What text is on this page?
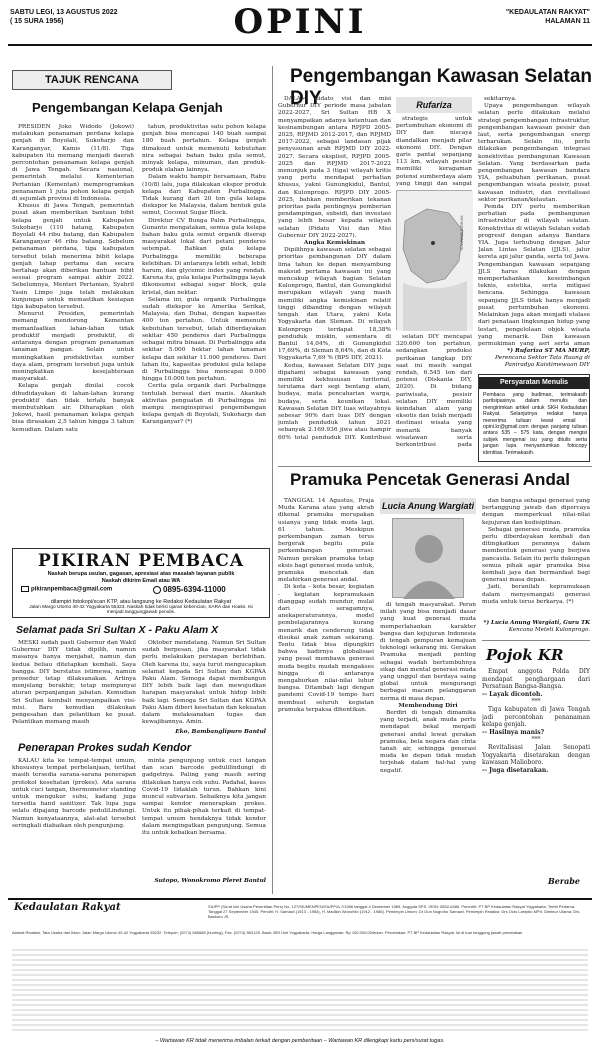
SABTU LEGI, 13 AGUSTUS 2022
( 15 SURA 1956)	OPINI	"KEDAULATAN RAKYAT"
HALAMAN 11
TAJUK RENCANA
Pengembangan Kelapa Genjah

PRESIDEN Joko Widodo (Jokowi) melakukan penanaman perdana kelapa genjah di Boyolali, Sukoharjo dan Karanganyar, Kamis (11/8). Tiga kabupaten itu memang menjadi daerah percontohan penanaman kelapa genjah di Jawa Tengah. Secara nasional, pemerintah melalui Kementerian Pertanian (Kementan) memprogramkan penanaman 1 juta pohon kelapa genjah di sejumlah provinsi di Indonesia.

Khusus di Jawa Tengah, pemerintah pusat akan memberikan bantuan bibit kelapa genjah untuk Kabupaten Sukoharjo (110 batang, Kabupaten Boyolali 44 ribu batang, dan Kabupaten Karanganyar 46 ribu batang. Sebelum penanaman perdana, tiga kabupaten tersebut telah menerima bibit kelapa genjah tahap pertama dan secara bertahap akan diberikan bantuan bibit sesuai program sampai akhir 2022. Sebelumnya, Menteri Pertanian, Syahril Yasin Limpo juga telah melakukan kunjungan untuk memastikan kesiapan tiga kabupaten tersebut.

Menurut Presiden, pemerintah memang mendorong Kementan memanfaatkan lahan-lahan tidak produktif menjadi produktif, di antaranya dengan program penanaman tanaman pangan. Selain untuk meningkatkan produktivitas sumber daya alam, program tersebut juga untuk meningkatkan kesejahteraan masyarakat.

Kelapa genjah dinilai cocok dibudidayakan di lahan-lahan kurang produktif dan tidak terlalu banyak membutuhkan air. Diharapkan oleh Jokowi, hasil penanaman kelapa genjah bisa dirasakan 2,5 tahun hingga 3 tahun kemudian. Dalam satu

tahun, produktivitas satu pohon kelapa genjah bisa mencapai 140 buah sampai 180 buah pertahun. Kelapa genjah dimaksud untuk memenuhi kebutuhan nira sebagai bahan baku gula semut, minyak kelapa, minuman, dan produk-produk olahan lainnya.

Dalam waktu hampir bersamaan, Rabu (10/8) lalu, juga dilakukan ekspor produk kelapa dari Kabupaten Purbalingga. Tidak kurang dari 20 ton gula kelapa diekspor ke Malaysia, dalam bentuk gula semut, Coconut Sugar Block.

Direktur CV Bunga Palm Purbalingga, Gunanto mengatakan, semua gula kelapa bahan baku gula semut organik diserap masyarakat lokal dari petani penderes setempat. Bahkan gula kelapa Purbalingga memiliki beberapa kelebihan. Di antaranya lebih sehat, lebih harum, dan glycemic index yang rendah. Karena itu, gula kelapa Purbalingga layak dikonsumsi sebagai sugar block, gula kristal, dan nektar.

Selama ini, gula organik Purbalingga sudah diekspor ke Amerika Serikat, Malaysia, dan Dubai, dengan kapasitas 400 ton pertahun. Untuk memenuhi kebutuhan tersebut, telah diberdayakan sekitar 450 penderes dari Purbalingga sebagai mitra binaan. Di Purbalingga ada sekitar 5.000 hektar lahan tanaman kelapa dan sekitar 11.000 penderes. Dari lahan itu, kapasitas produksi gula kelapa di Purbalingga bisa mencapai 9.000 hingga 10.000 ton pertahun.

Cerita gula organik dari Purbalingga tentulah berasal dari manis. Akankah aktivitas penguatan di Purbalingga ini mampu menginspirasi pengembangan kelapa genjah di Boyolali, Sukoharjo dan Karanganyar? (*)

PIKIRAN PEMBACA
Naskah berupa usulan, gagasan, apresiasi atas masalah layanan publik
Naskah dikirim Email atau WA
pikiranpembaca@gmail.com	0895-6394-11000
dilampiri fotokopi/scan KTP, atau langsung ke Redaksi Kedaulatan Rakyat
Jalan Margo Utomo 40-42 Yogyakarta 55323. Naskah tidak berisi ujaran kebencian, SARA dan Hoaks. Isi menjadi tanggungjawab penulis.
Selamat pada Sri Sultan X - Paku Alam X

MESKI sudah pasti Gubernur dan Wakil Gubernur DIY tidak dipilih, namun masanya hanya menjabat, namun dan kedua beliau ditetapkan kembali. Saya bangga. DIY berstatus istimewa, namun prosedur tetap dilaksanakan. Artinya menjelang berakhir, tetap mempunyai aturan perpanjangan jabatan. Kemudian Sri Sultan kembali menyampaikan visi-misi. Baru kemudian dilakukan pengesahan dan pelantikan ke pusat. Pelantikan memang masih

Oktober mendatang. Namun Sri Sultan sudah berpesan, jika masyarakat tidak perlu melakukan persiapan berlebihan. Oleh karena itu, saya turut mengucapkan selamat kepada Sri Sultan dan KGPAA Paku Alam. Semoga dapat membangun DIY lebih baik lagi dan mewujudkan harapan masyarakat untuk hidup lebih baik lagi. Semoga Sri Sultan dan KGPAA Paku Alam diberi kesehatan dan kekuatan dalam melaksanakan tugas dan kewajibannya. Amin.

Eko, Bambanglipuro Bantul
Penerapan Prokes sudah Kendor

KALAU kita ke tempat-tempat umum, khususnya tempat perbelanjaan, terlihat masih tersedia sarana-sarana penerapan protokol kesehatan (prokes). Ada sarana untuk cuci tangan, thermometer standing untuk mengukur suhu, kadang juga tersedia hand sanitizer. Tak lupa juga selalu dipajang barcode peduliLindungi. Namun kenyataannya, alat-alat tersebut seringkali diabaikan oleh pengunjung.

minta pengunjung untuk cuci tangan dan scan barcode pedulilindungi di gadgetnya. Paling yang masih sering dilakukan hanya cek suhu. Padahal, kasus Covid-19 tidaklah turun. Bahkan kini muncul subvarian. Sebaiknya kita jangan sampai kendor menerapkan prokes. Untuk itu pihak-pihak terkait di tempat-tempat umum hendaknya tidak kendor dalam mengingatkan pengunjung. Semua itu untuk kebaikan bersama.

Sutopo, Wonokromo Pleret Bantul
Pengembangan Kawasan Selatan DIY

DALAM pidato visi dan misi Gubernur DIY periode masa jabatan 2022-2027, Sri Sultan HB X menyampaikan adanya ketentuan dan kesinambungan antara RPJPD 2005-2025, RPJMD 2012-2017, dan RPJMD 2017-2022, sebagai landasan pijak penyusunan arah RPJMD DIY 2022-2027. Secara eksplisit, RPJPD 2005-2025 dan RPJMD 2017-2022 menunjuk pada 3 (tiga) wilayah kritis yang perlu mendapat perhatian khusus, yakni Gunungkidul, Bantul, dan Kulonprogo. RPJPD DIY 2005-2025, bahkan memberikan tekanan prioritas pada pentingnya pemberian pendampingan, subsidi, dan investasi yang lebih besar kepada wilayah selatan (Pidato Visi dan Misi Gubernur DIY 2022-2027).

Angka Kemiskinan

Dipilihnya kawasan selatan sebagai prioritas pembangunan DIY dalam lima tahun ke depan menyambung maksud pertama kawasan ini yang mencakup wilayah bagian Selatan Kulonprogo, Bantul, dan Gunungkidul merupakan wilayah yang masih memiliki angka kemiskinan relatif tinggi dibanding dengan wilayah tengah dan Utara, yakni Kota Yogyakarta dan Sleman. Di wilayah Kulonprogo terdapat 18,38% penduduk miskin, sementara di Bantul 14,04%, di Gunungkidul 17,69%, di Sleman 8,64%, dan di Kota Yogyakarta 7,69 % (BPS DIY, 2021).

Kedua, kawasan Selatan DIY juga dipahami sebagai kawasan yang memiliki kekhususan teritorial, terutama dari segi bentang alam, budaya, mata pencaharian warga, budaya, serta keunikan lokal. Kawasan Selatan DIY luas wilayahnya sebesar 90% dari luas DIY dengan jumlah penduduk tahun 2021 sebanyak 2.169.936 jiwa atau hampir 60% total penduduk DIY. Kontribusi

Rufariza

strategis untuk pertumbuhan ekonomi di DIY dan niscaya diandalkan menjadi pilar ekonomi DIY. Dengan garis pantai sepanjang 113 km, wilayah pesisir memiliki keragaman potensi sumberdaya alam yang tinggi dan sangat

KR-BUDI MAWANGI

selatan DIY mencapai 320.600 ton pertahun, sedangkan produksi perikanan tangkap DIY saat ini masih sangat rendah, 6.545 ton dari potensi (Diskanla DIY, 2020). Di bidang pariwisata, pesisir selatan DIY memiliki keindahan alam yang eksotis dan telah menjadi destinasi wisata yang menarik banyak wisatawan serta berkontribusi pada

sekitarnya.

Upaya pengembangan wilayah selatan perlu dilakukan melalui strategi pengembangan infrastruktur, pengembangan kawasan pesisir dan laut, serta pengembangan energi terbarukan. Selain itu, perlu dilakukan pengembangan integrasi konektivitas pembangunan Kawasan Selatan. Yang berdasarkan pada pengembangan kawasan bandara YIA, peluabuhan perikanan, pusat pengembangan wisata pesisir, pusat kawasan industri, dan revitalisasi sektor perikanan/kelautan.

Pemda DIY perlu memberikan perhatian pada pembangunan infrastruktur di wilayah selatan. Konektivitas di wilayah Selatan sudah progresif dengan adanya Bandara YIA. Juga terhubung dengan Jalur Jalan Lintas Selatan (JJLS), jalur kereta api jalur ganda, serta tol Jawa. Pengembangan kawasan sepanjang JJLS harus dilakukan dengan mempertahankan keseimbangan teknis, estetika, serta mitigasi bencana. Sehingga kawasan sepanjang JJLS tidak hanya menjadi pusat pertumbuhan ekonomi. Melainkan juga akan menjadi etalase dari penataan lingkungan hidup yang lestari, pengelolaan objek wisata yang menarik. Dan kawasan permukiman yang asri serta aman

*) Rufariza ST MA MURP,
Perencana Sektor Tata Ruang di Paniradya Kaistimewaan DIY
Persyaratan Menulis
Pembaca yang budiman, terimakasih partisipasinya dalam menulis dan mengirimkan artikel untuk SKH Kedaulatan Rakyat. Selanjutnya redaksi hanya menerima tulisan lewat email : opini.kr@gmail.com dengan panjang tulisan antara 535 – 575 kata, dengan mengisi subjek mengenai isu yang ditulis serta jangan lupa menyantumkan fotocopy identitas. Terimakasih.
Pramuka Pencetak Generasi Andal

TANGGAL 14 Agustus, Praja Muda Karana atau yang akrab dikenal pramuka merupakan usianya yang tidak muda lagi, 61 tahun. Meskipun perkembangan zaman terus bergerak begitu pula perkembangan generasi. Namun gerakan pramuka tetap eksis bagi generasi muda untuk, pramuka mencetak dan melahirkan generasi andal.

Di kota - kota besar, kegiatan - kegiatan kepramukaan dianggap sudah mundur, mulai dari seragamnya, anekaperaturannya, model pembelajarannya kurang menarik dan cenderung tidak disukai anak zaman sekarang. Tentu tidak bisa dipungkiri bahwa hadirnya globalisasi yang pesat membawa generasi muda begitu mudah mengakses hingga di antaranya mengaburkan nilai-nilai luhur bangsa. Ditambah lagi dengan pandemi Covid-19 tempo hari membuat seluruh kegiatan pramuka terpaksa dihentikan.

Lucia Anung Wargiati

di tengah masyarakat. Peran inilah yang bisa menjadi dasar yang kuat generasi muda memperlahankan karakter bangsa dan kejujuran Indonesia di tengah gempuran kemajuan teknologi sekarang ini. Gerakan Pramuka menjadi penting sebagai wadah bertumbuhnya sikap dan mental generasi muda yang unggul dan berdaya saing global untuk mengurangi berbagai macam pelanggaran norma di masa depan.

Membendung Diri

Berdiri di tengah dimamika yang terjadi, anak muda perlu mendapat bekal menjadi generasi andal lewat gerakan pramuka, bela negara dan cinta tanah air, sehingga generasi muda ke depan tidak mudah terjebak dalam hal-hal yang negatif.

dan bangsa sebagai generasi yang bertanggung jawab dan dipercaya dengan memperkuat nilai-nilai kejujuran dan kedisiplinan.

Sebagai generasi muda, pramuka perlu diberdayakan kembali dan ditingkatkan perannya dalam membentuk generasi yang berjiwa pancasila. Selain itu perlu dukungan semua pihak agar pramuka bisa kembali jaya dan bermanfaat bagi generasi masa depan.

Jadi, beranilah kepramukaan dalam menyemangati generasi muda untuk terus berkarya. (*)

*) Lucia Anung Wargiati, Guru TK
Kencana Meteti Kulonprogo.
Pojok KR

Empat anggota Polda DIY mendapat penghargaan dari Persatuan Bangsa-Bangsa.

-- Layak dicontoh.

***

Tiga kabupaten di Jawa Tengah jadi percontohan penanaman kelapa genjah.

-- Hasilnya manis?

***

Revitalisasi Jalan Senopati Yogyakarta disetarakan dengan kawasan Malioboro.

-- Juga disetarakan.

Berabe
SIUPP (Surat Izin Usaha Penerbitan Pers) No. 127/SK/MENPEN/SIUPP/A.7/1986 tanggal 4 Desember 1985. Anggota SPS. ISSN: 0852-6486. Penerbit: PT BP Kedaulatan Rakyat Yogyakarta. Terbit Pertama: Tanggal 27 September 1945. Pendiri: H. Samawi (1913 - 1984), H. Madikin Wonohito (1912 - 1986). Pemimpin Umum: Dr Gun Nugroho Samawi. Pemimpin Redaksi: Drs Octo Lampito MPd. Direktur Utama: Drs Baskoro JS.
Alamat Redaksi, Tata Usaha dan Iklan: Jalan Margo Utomo 40-42 Yogyakarta 55232. Telepon: (0274) 565685 (hunting), Fax: (0274) 563125. Bank: BRI Unit Yogyakarta. Harga Langganan: Rp 100.000,00/bulan. Percetakan: PT BP Kedaulatan Rakyat. Isi di luar tanggung jawab percetakan.
Kedaulatan Rakyat
– Wartawan KR tidak menerima imbalan terkait dengan pemberitaan – Wartawan KR dilengkapi kartu pers/surat tugas.
